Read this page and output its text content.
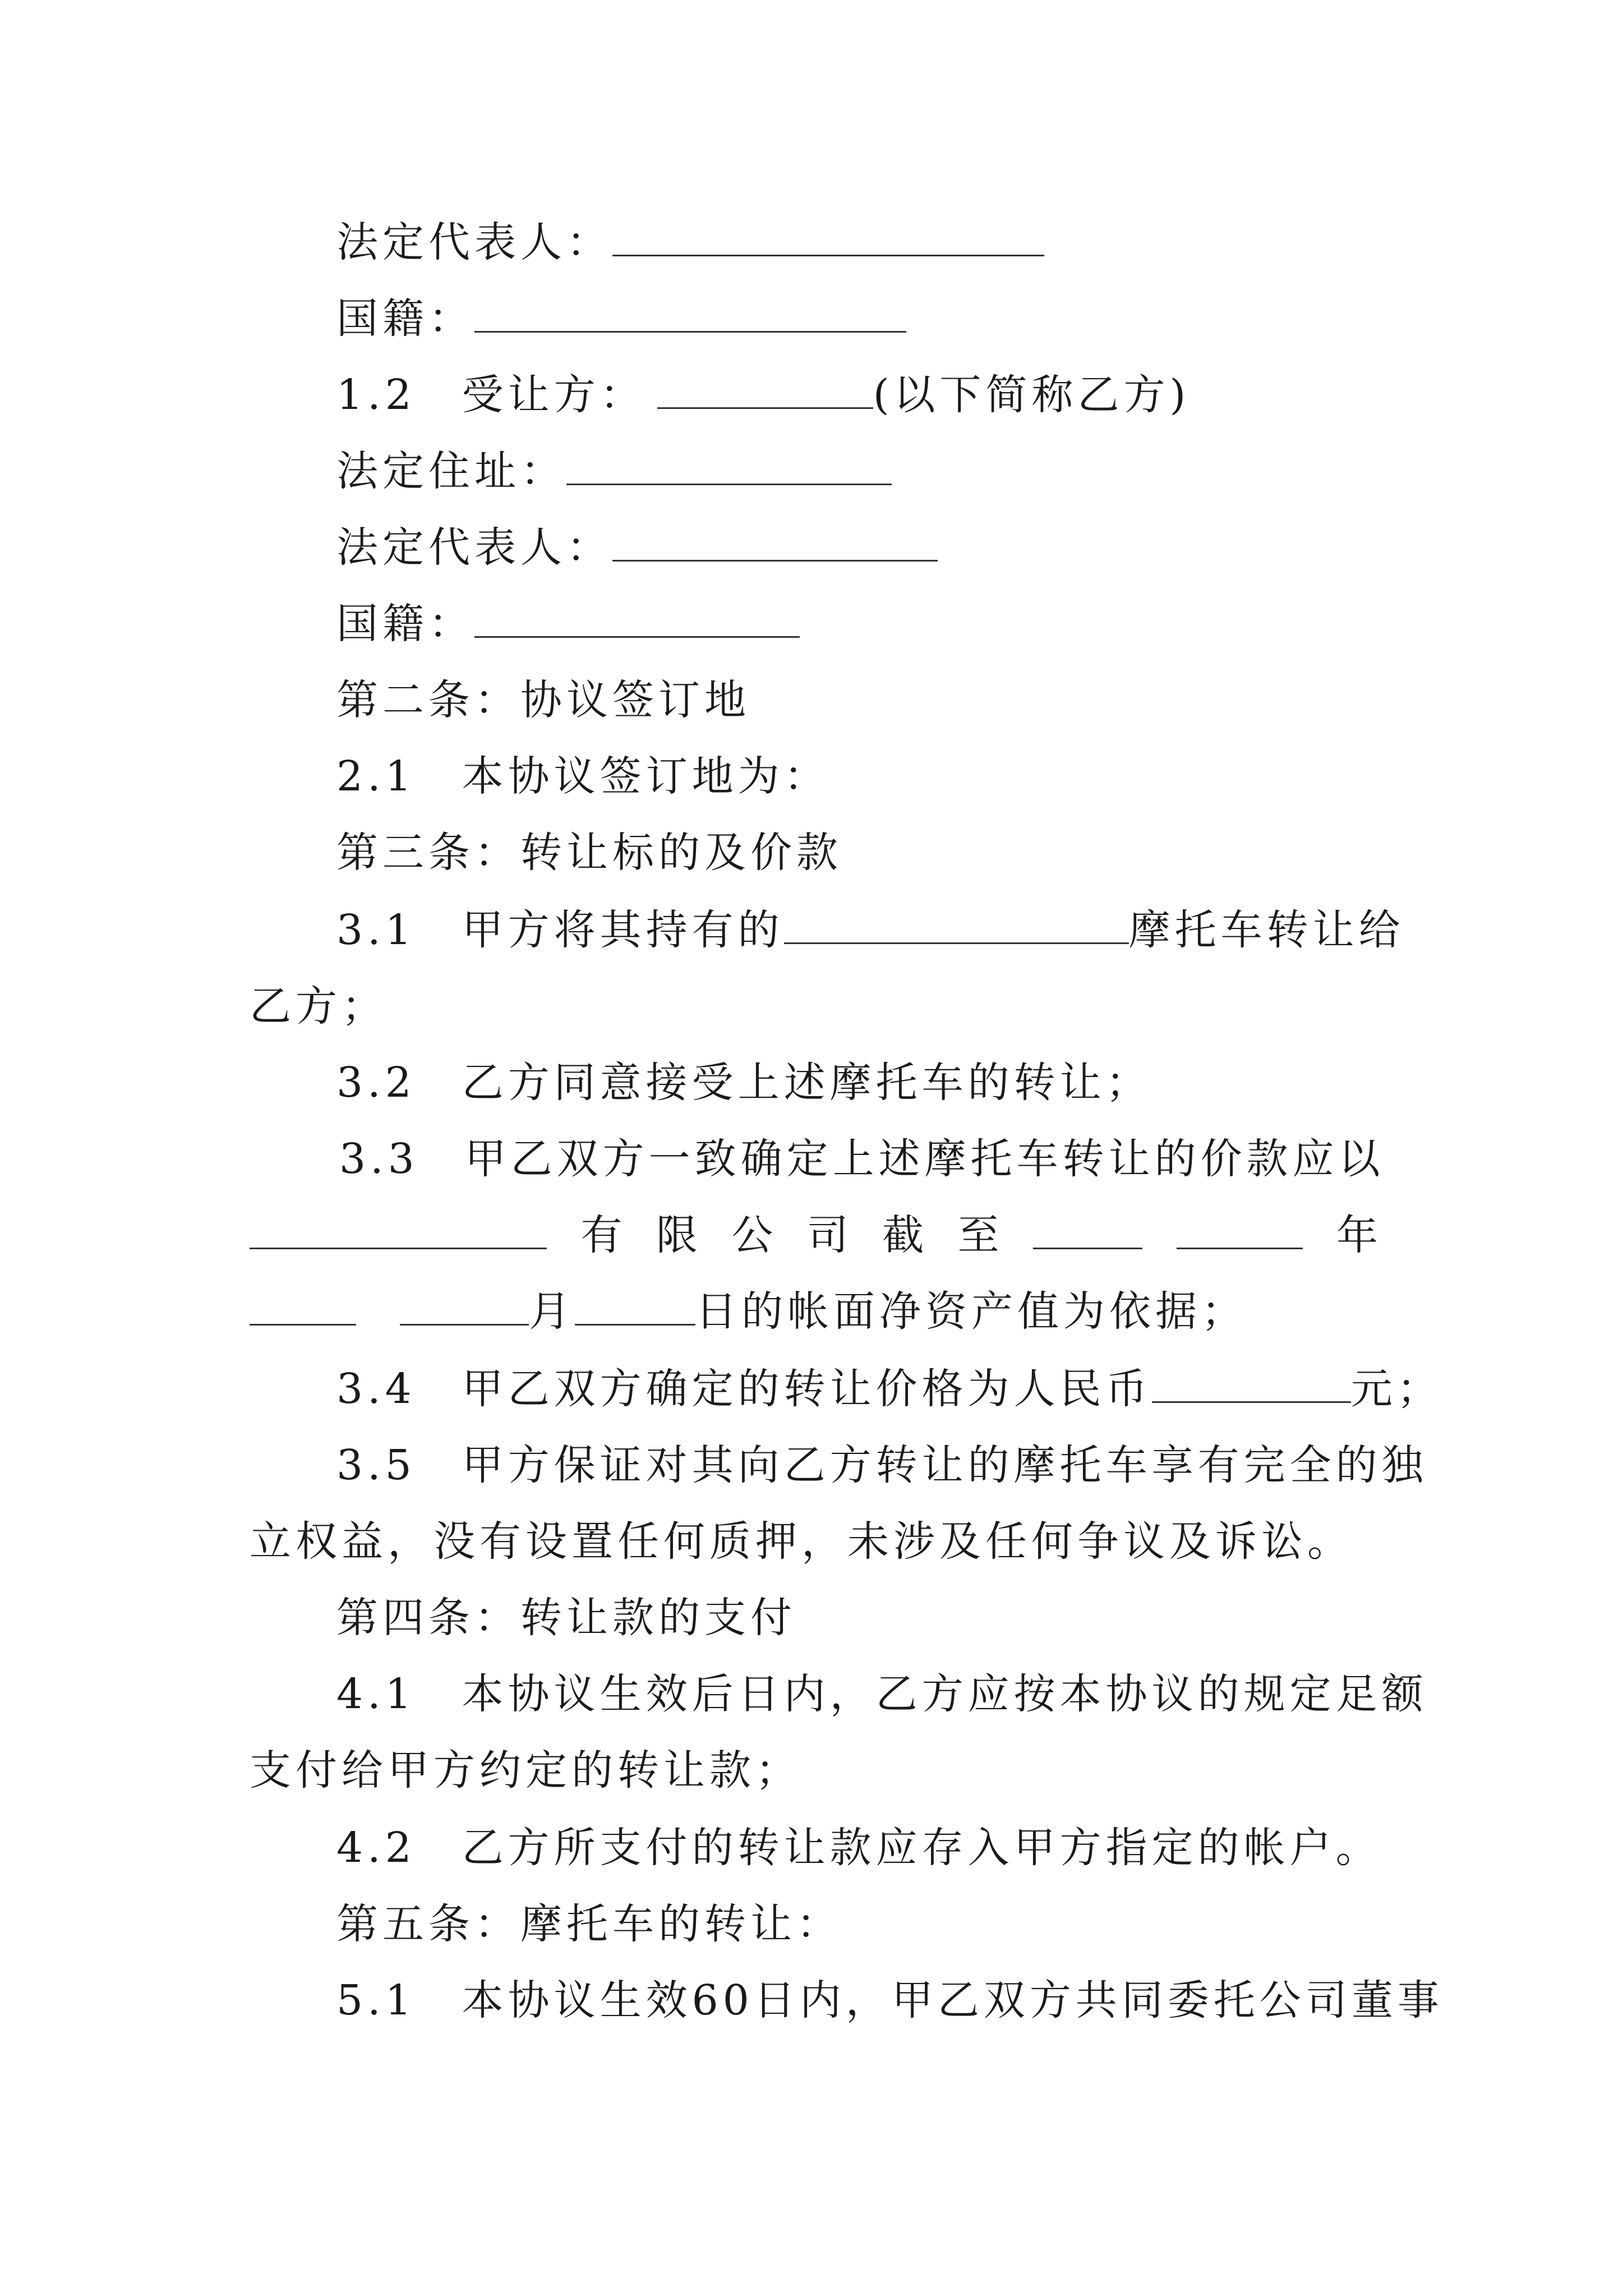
法定代表人：
国籍：
1.2　受让方：	(以下简称乙方)
法定住址：
法定代表人：
国籍：
第二条：协议签订地
2.1　本协议签订地为：
第三条：转让标的及价款
3.1　甲方将其持有的	摩托车转让给
乙方；
3.2　乙方同意接受上述摩托车的转让；
3.3　甲乙双方一致确定上述摩托车转让的价款应以
有 限 公 司 截 至	年
月	日的帐面净资产值为依据；
3.4　甲乙双方确定的转让价格为人民币	元；
3.5　甲方保证对其向乙方转让的摩托车享有完全的独
立权益，没有设置任何质押，未涉及任何争议及诉讼。
第四条：转让款的支付
4.1　本协议生效后日内，乙方应按本协议的规定足额
支付给甲方约定的转让款；
4.2　乙方所支付的转让款应存入甲方指定的帐户。
第五条：摩托车的转让：
5.1　本协议生效60日内，甲乙双方共同委托公司董事
